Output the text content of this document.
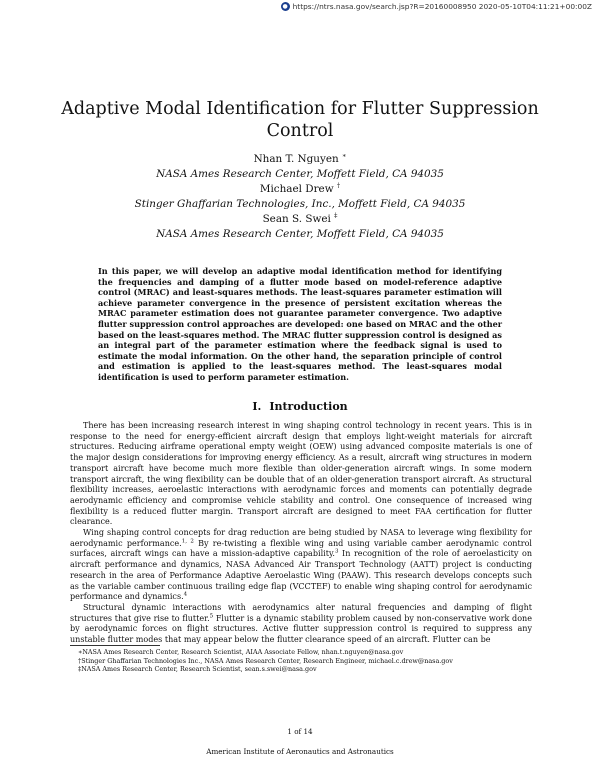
● https://ntrs.nasa.gov/search.jsp?R=20160008950 2020-05-10T04:11:21+00:00Z
Adaptive Modal Identification for Flutter Suppression Control
Nhan T. Nguyen ∗
NASA Ames Research Center, Moffett Field, CA 94035
Michael Drew †
Stinger Ghaffarian Technologies, Inc., Moffett Field, CA 94035
Sean S. Swei ‡
NASA Ames Research Center, Moffett Field, CA 94035

In this paper, we will develop an adaptive modal identification method for identifying the frequencies and damping of a flutter mode based on model-reference adaptive control (MRAC) and least-squares methods. The least-squares parameter estimation will achieve parameter convergence in the presence of persistent excitation whereas the MRAC parameter estimation does not guarantee parameter convergence. Two adaptive flutter suppression control approaches are developed: one based on MRAC and the other based on the least-squares method. The MRAC flutter suppression control is designed as an integral part of the parameter estimation where the feedback signal is used to estimate the modal information. On the other hand, the separation principle of control and estimation is applied to the least-squares method. The least-squares modal identification is used to perform parameter estimation.

I. Introduction

There has been increasing research interest in wing shaping control technology in recent years. This is in response to the need for energy-efficient aircraft design that employs light-weight materials for aircraft structures. Reducing airframe operational empty weight (OEW) using advanced composite materials is one of the major design considerations for improving energy efficiency. As a result, aircraft wing structures in modern transport aircraft have become much more flexible than older-generation aircraft wings. In some modern transport aircraft, the wing flexibility can be double that of an older-generation transport aircraft. As structural flexibility increases, aeroelastic interactions with aerodynamic forces and moments can potentially degrade aerodynamic efficiency and compromise vehicle stability and control. One consequence of increased wing flexibility is a reduced flutter margin. Transport aircraft are designed to meet FAA certification for flutter clearance.

Wing shaping control concepts for drag reduction are being studied by NASA to leverage wing flexibility for aerodynamic performance.$^{1, 2}$ By re-twisting a flexible wing and using variable camber aerodynamic control surfaces, aircraft wings can have a mission-adaptive capability.$^3$ In recognition of the role of aeroelasticity on aircraft performance and dynamics, NASA Advanced Air Transport Technology (AATT) project is conducting research in the area of Performance Adaptive Aeroelastic Wing (PAAW). This research develops concepts such as the variable camber continuous trailing edge flap (VCCTEF) to enable wing shaping control for aerodynamic performance and dynamics.$^4$

Structural dynamic interactions with aerodynamics alter natural frequencies and damping of flight structures that give rise to flutter.$^5$ Flutter is a dynamic stability problem caused by non-conservative work done by aerodynamic forces on flight structures. Active flutter suppression control is required to suppress any unstable flutter modes that may appear below the flutter clearance speed of an aircraft. Flutter can be

∗NASA Ames Research Center, Research Scientist, AIAA Associate Fellow, nhan.t.nguyen@nasa.gov
†Stinger Ghaffarian Technologies Inc., NASA Ames Research Center, Research Engineer, michael.c.drew@nasa.gov
‡NASA Ames Research Center, Research Scientist, sean.s.swei@nasa.gov
1 of 14
American Institute of Aeronautics and Astronautics
